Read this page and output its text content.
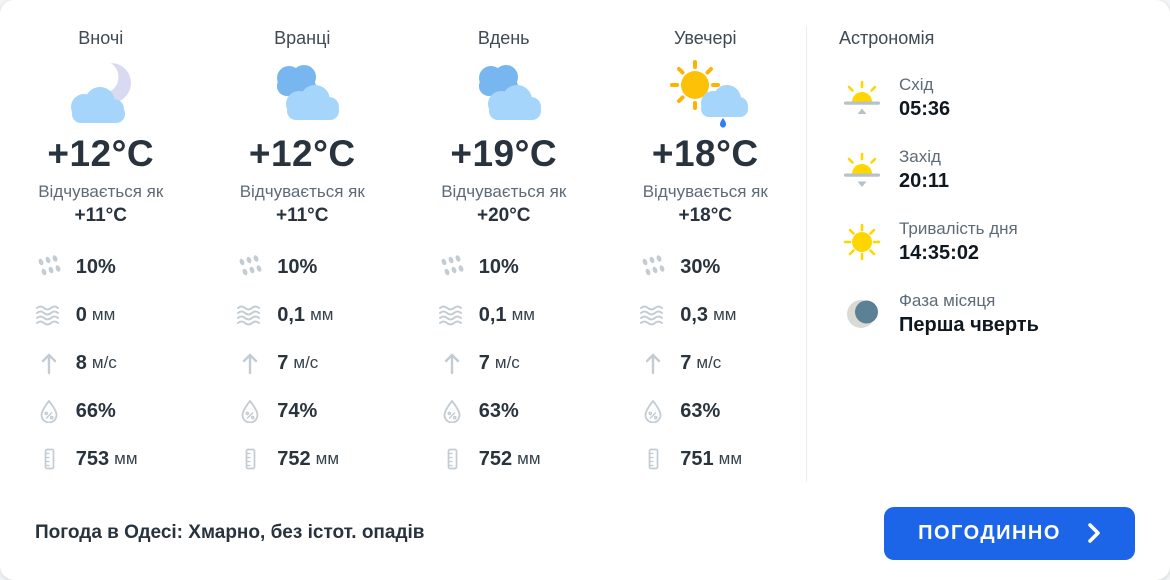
Вночі
+12°C
Відчувається як
+11°C
10%
0 мм
8 м/с
66%
753 мм
Вранці
+12°C
Відчувається як
+11°C
10%
0,1 мм
7 м/с
74%
752 мм
Вдень
+19°C
Відчувається як
+20°C
10%
0,1 мм
7 м/с
63%
752 мм
Увечері
+18°C
Відчувається як
+18°C
30%
0,3 мм
7 м/с
63%
751 мм
Астрономія
Схід
05:36
Захід
20:11
Тривалість дня
14:35:02
Фаза місяця
Перша чверть
Погода в Одесі: Хмарно, без істот. опадів	ПОГОДИННО
